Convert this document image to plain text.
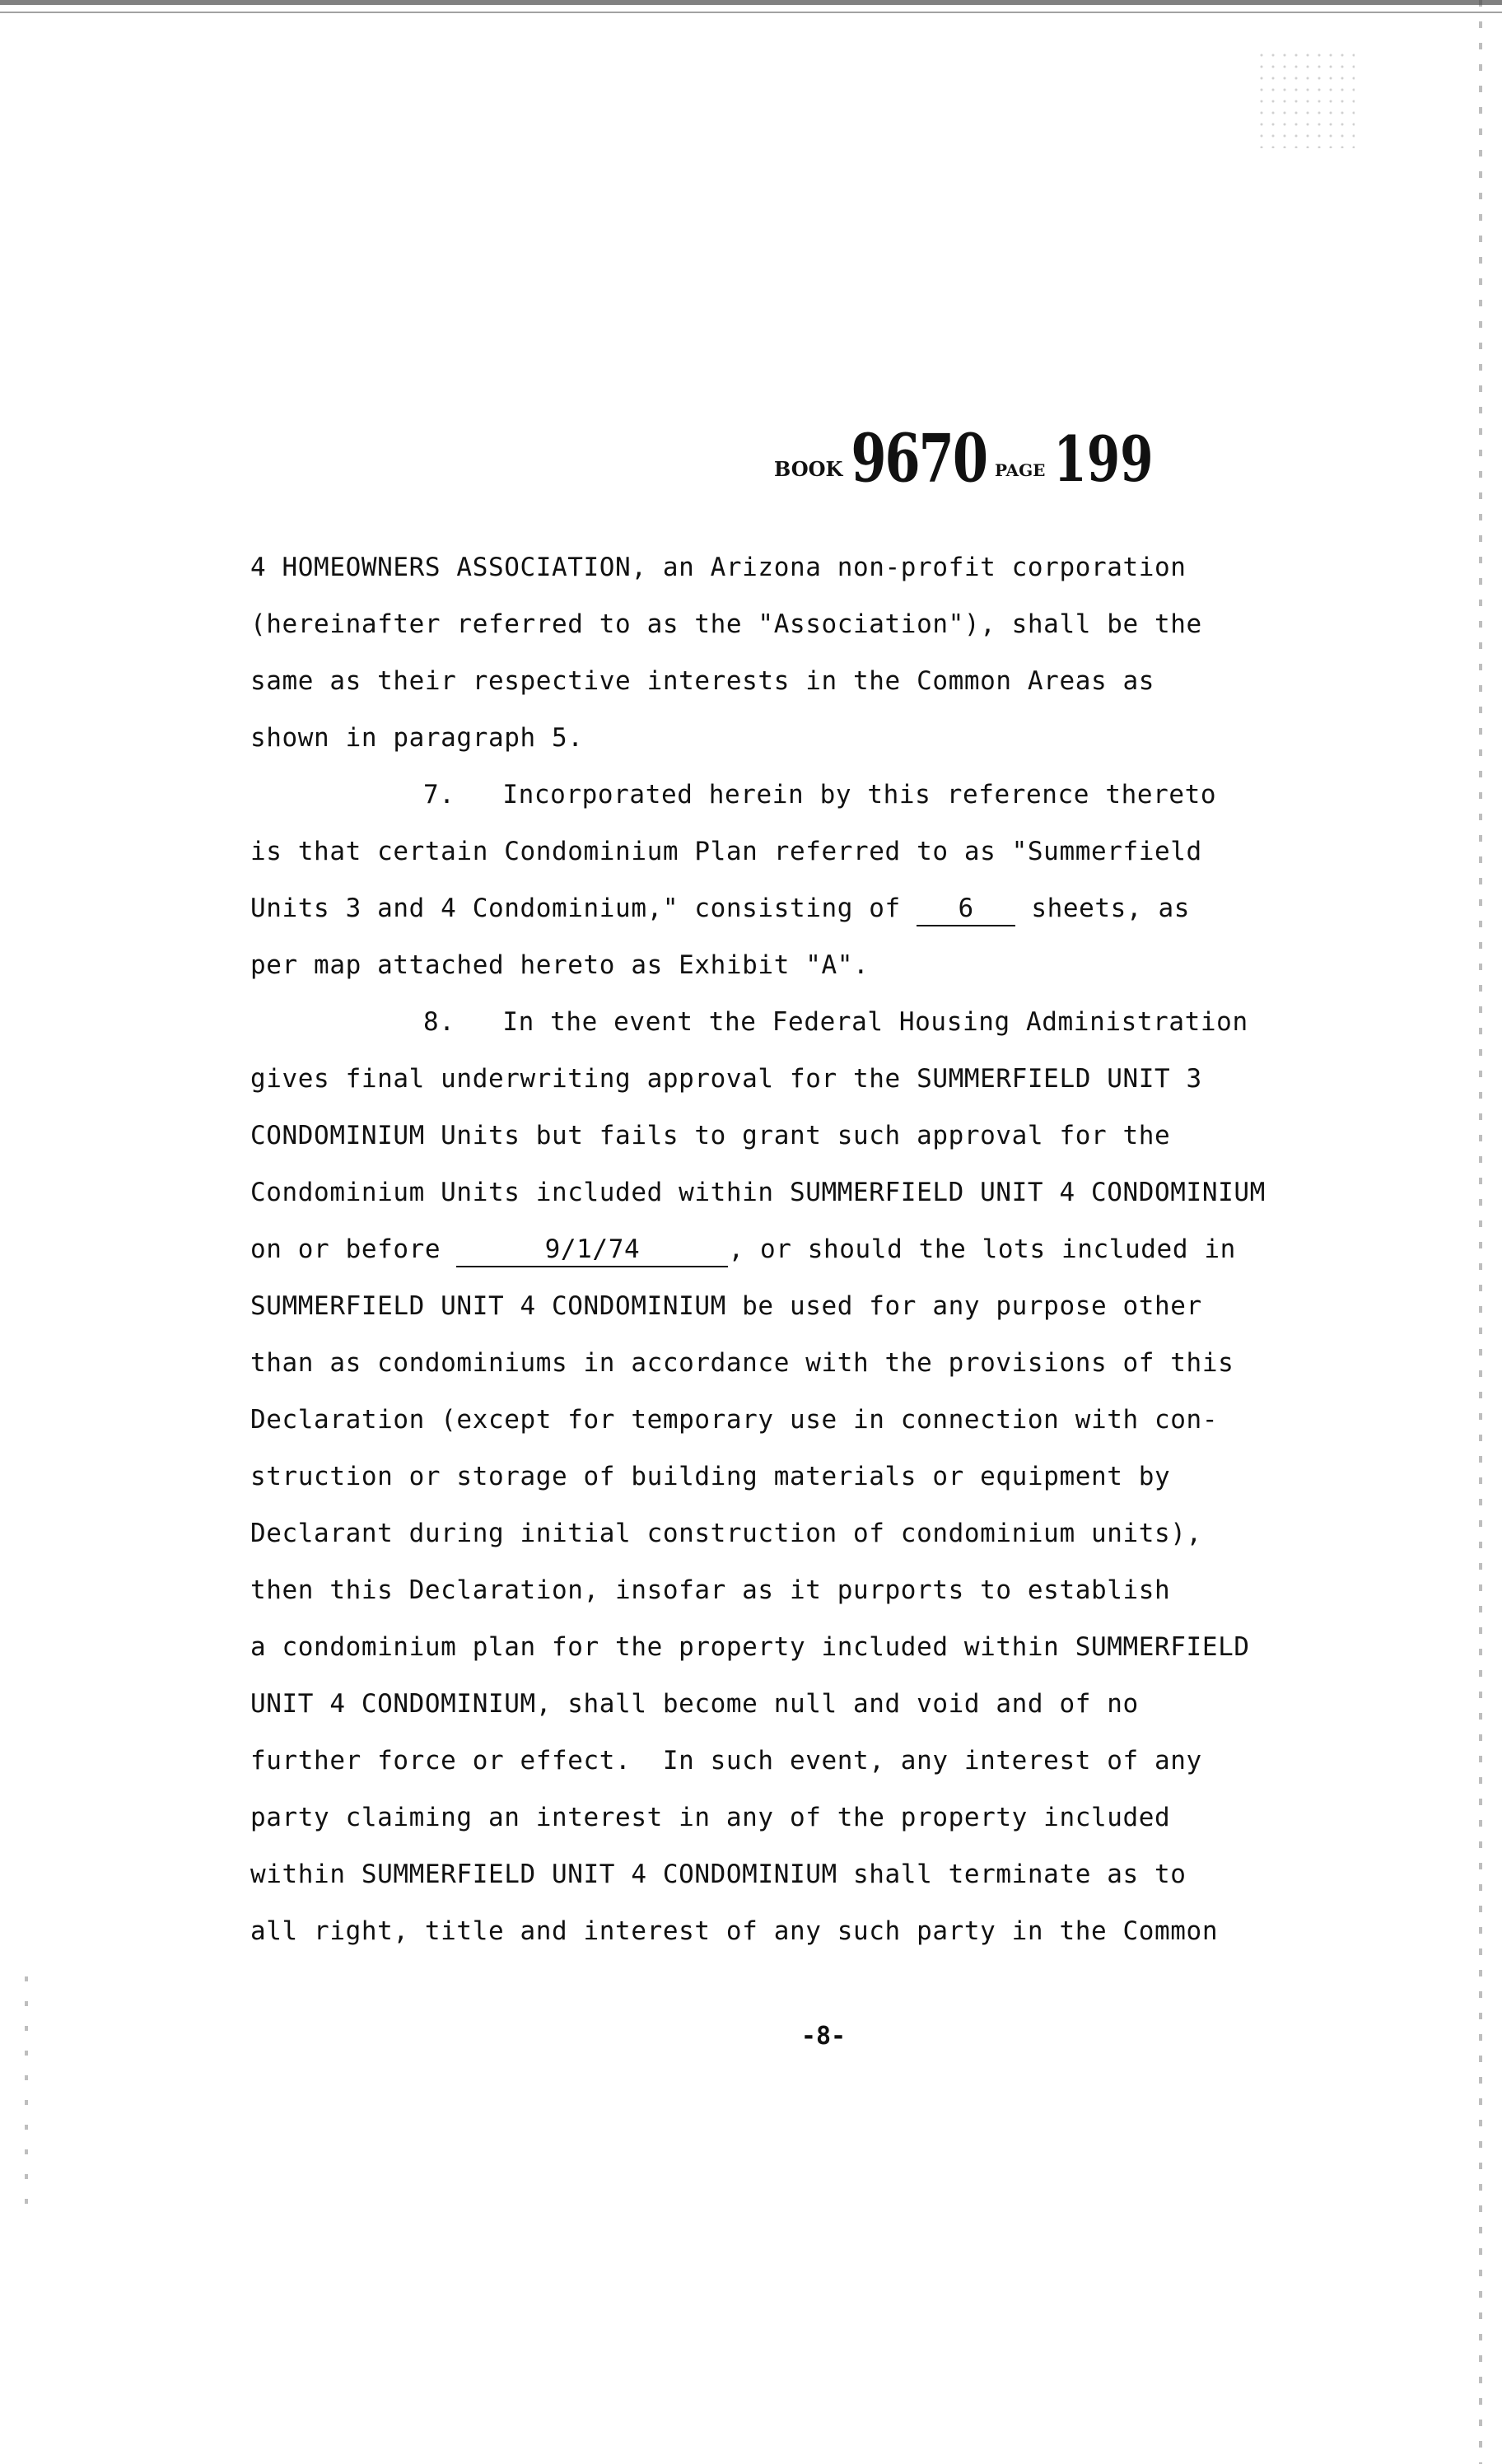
BOOK 9670 PAGE 199
4 HOMEOWNERS ASSOCIATION, an Arizona non-profit corporation
(hereinafter referred to as the "Association"), shall be the
same as their respective interests in the Common Areas as
shown in paragraph 5.
7.   Incorporated herein by this reference thereto
is that certain Condominium Plan referred to as "Summerfield
Units 3 and 4 Condominium," consisting of 6 sheets, as
per map attached hereto as Exhibit "A".
8.   In the event the Federal Housing Administration
gives final underwriting approval for the SUMMERFIELD UNIT 3
CONDOMINIUM Units but fails to grant such approval for the
Condominium Units included within SUMMERFIELD UNIT 4 CONDOMINIUM
on or before	9/1/74	, or should the lots included in
SUMMERFIELD UNIT 4 CONDOMINIUM be used for any purpose other
than as condominiums in accordance with the provisions of this
Declaration (except for temporary use in connection with con-
struction or storage of building materials or equipment by
Declarant during initial construction of condominium units),
then this Declaration, insofar as it purports to establish
a condominium plan for the property included within SUMMERFIELD
UNIT 4 CONDOMINIUM, shall become null and void and of no
further force or effect.  In such event, any interest of any
party claiming an interest in any of the property included
within SUMMERFIELD UNIT 4 CONDOMINIUM shall terminate as to
all right, title and interest of any such party in the Common
-8-
